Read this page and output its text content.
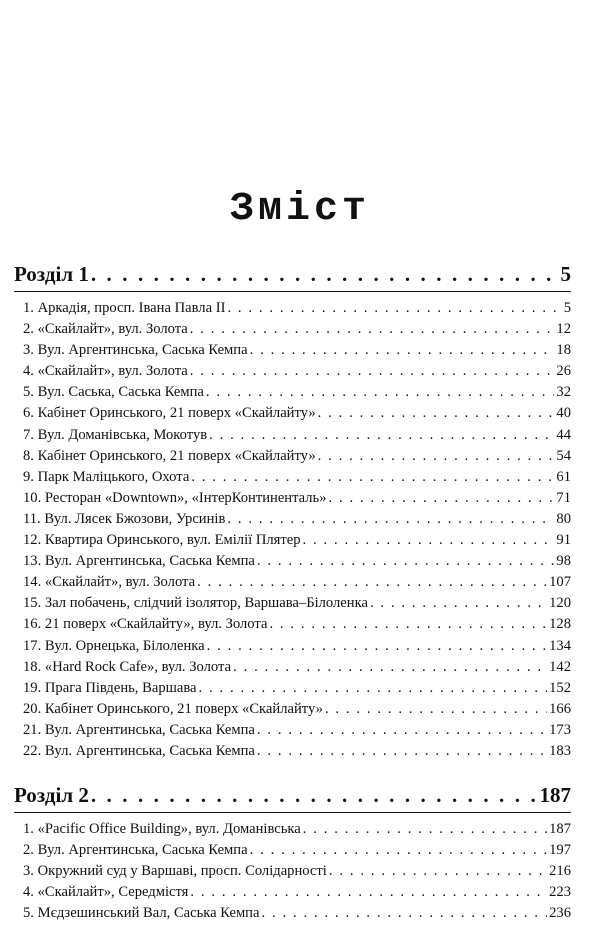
Зміст
Розділ 1 . . .	5
1. Аркадія, просп. Івана Павла ІІ . . .	5
2. «Скайлайт», вул. Золота . . .	12
3. Вул. Аргентинська, Саська Кемпа . . .	18
4. «Скайлайт», вул. Золота . . .	26
5. Вул. Саська, Саська Кемпа . . .	32
6. Кабінет Оринського, 21 поверх «Скайлайту» . . .	40
7. Вул. Доманівська, Мокотув . . .	44
8. Кабінет Оринського, 21 поверх «Скайлайту» . . .	54
9. Парк Маліцького, Охота . . .	61
10. Ресторан «Downtown», «ІнтерКонтиненталь» . . .	71
11. Вул. Лясек Бжозови, Урсинів . . .	80
12. Квартира Оринського, вул. Емілії Плятер . . .	91
13. Вул. Аргентинська, Саська Кемпа . . .	98
14. «Скайлайт», вул. Золота . . .	107
15. Зал побачень, слідчий ізолятор, Варшава–Білоленка . . .	120
16. 21 поверх «Скайлайту», вул. Золота . . .	128
17. Вул. Орнецька, Білоленка . . .	134
18. «Hard Rock Cafe», вул. Золота . . .	142
19. Прага Південь, Варшава . . .	152
20. Кабінет Оринського, 21 поверх «Скайлайту» . . .	166
21. Вул. Аргентинська, Саська Кемпа . . .	173
22. Вул. Аргентинська, Саська Кемпа . . .	183
Розділ 2 . . .	187
1. «Pacific Office Building», вул. Доманівська . . .	187
2. Вул. Аргентинська, Саська Кемпа . . .	197
3. Окружний суд у Варшаві, просп. Солідарності . . .	216
4. «Скайлайт», Середмістя . . .	223
5. Мєдзешинський Вал, Саська Кемпа . . .	236
